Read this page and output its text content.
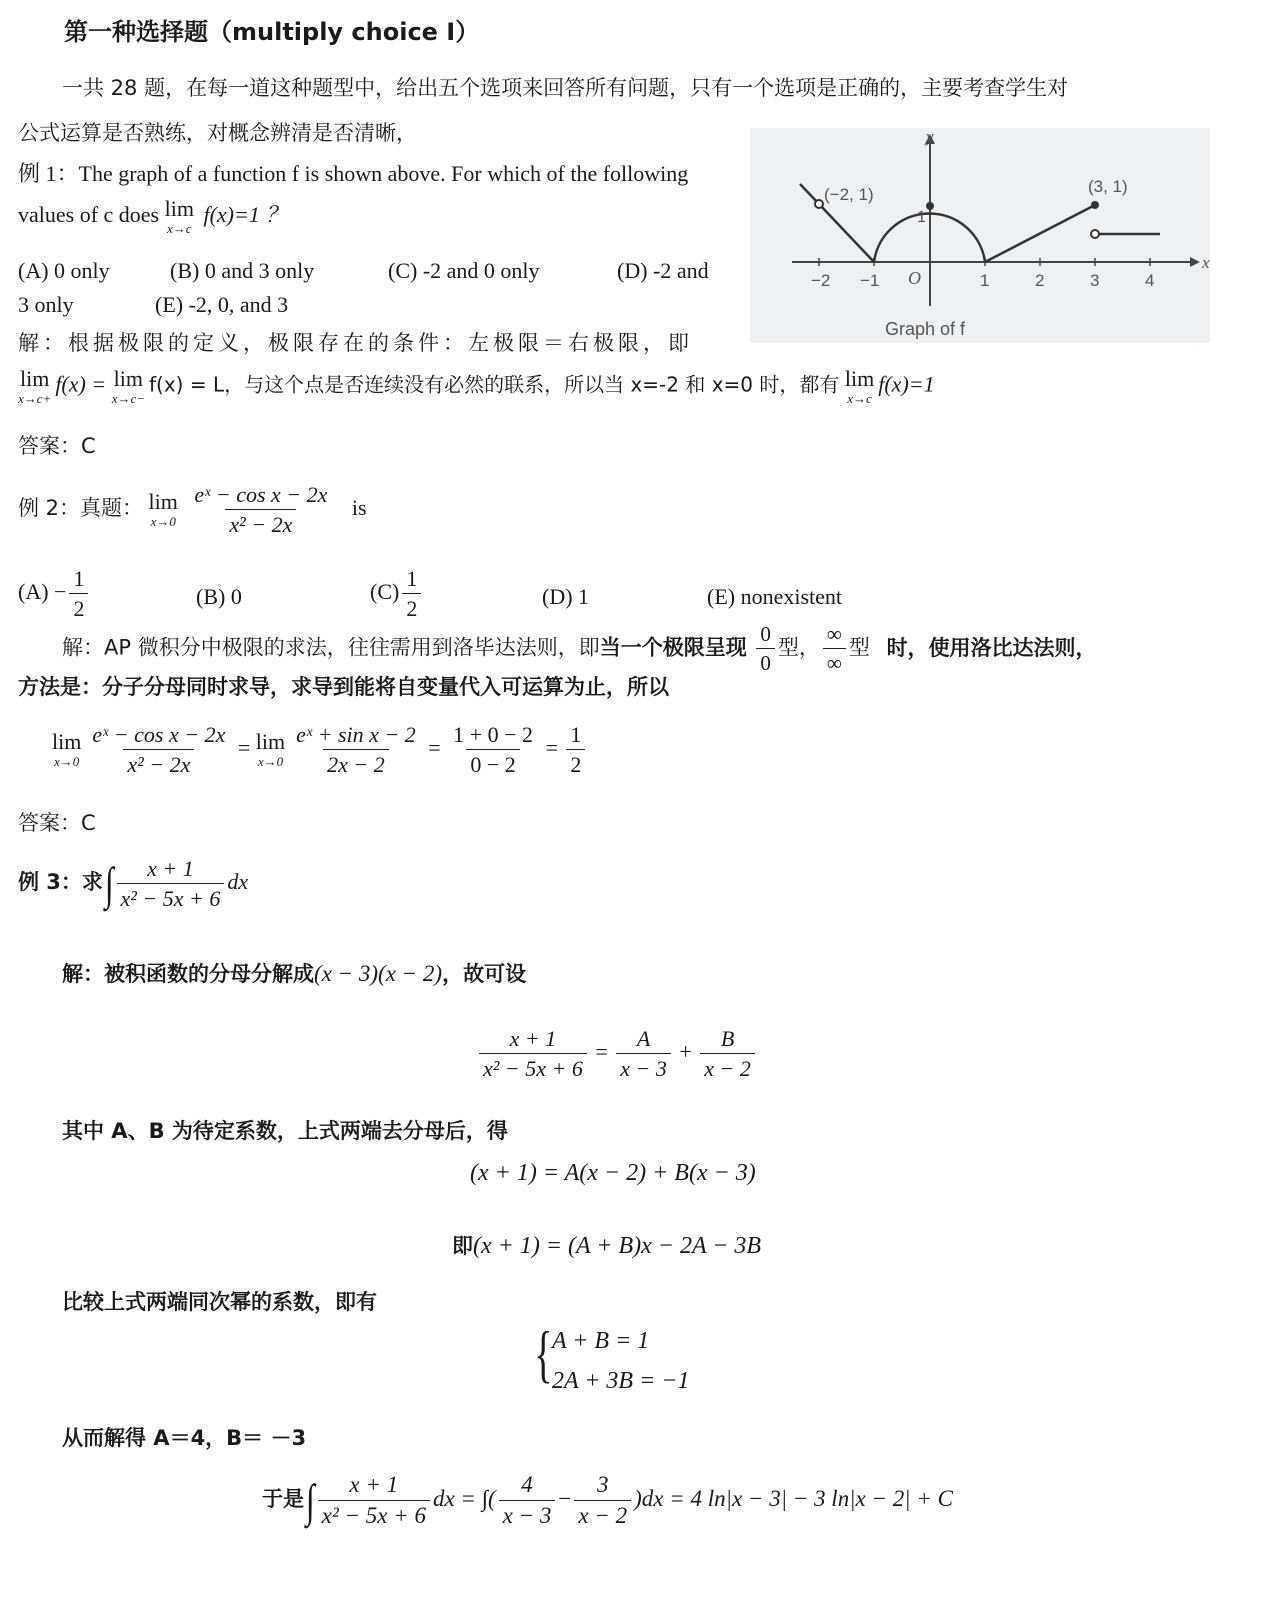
第一种选择题（multiply choice I）
一共 28 题，在每一道这种题型中，给出五个选项来回答所有问题，只有一个选项是正确的，主要考查学生对
公式运算是否熟练，对概念辨清是否清晰，
例 1：The graph of a function f is shown above. For which of the following
values of c does lim
x→c
f(x)=1 ？
(A) 0 only	(B) 0 and 3 only	(C) -2 and 0 only	(D) -2 and
3 only	(E) -2, 0, and 3
解：根据极限的定义，极限存在的条件：左极限＝右极限，即
lim
x→c+
f(x) = lim
x→c−
f(x) = L，与这个点是否连续没有必然的联系，所以当 x=-2 和 x=0 时，都有 lim
x→c
f(x)=1
答案：C
(−2, 1)	(3, 1)
x
y
O
1
−2 −1	1	2	3	4
Graph of f
例 2：真题： lim
x→0
$\frac{\text{eˣ − cos x − 2x}}{\text{x² − 2x}}$ is
$(A) - \frac{1}{2}$	(B) 0	$(C) \frac{1}{2}$	(D) 1	(E) nonexistent
解：AP 微积分中极限的求法，往往需用到洛毕达法则，即当一个极限呈现 $\frac{0}{0}$ 型， $\frac{\infty}{\infty}$ 型 时，使用洛比达法则，
方法是：分子分母同时求导，求导到能将自变量代入可运算为止，所以
lim
$x\to 0 \frac{\text{eˣ − cos x − 2x}}{\text{x² − 2x}} = \lim$
$x\to 0 \frac{\text{eˣ + sin x − 2}}{2x - 2} = \frac{1 + 0 - 2}{0 - 2} = \frac{1}{2}$
答案：C
例 3：求∫ $\frac{x + 1}{\text{x² − 5x + 6}}$ dx
解：被积函数的分母分解成(x − 3)(x − 2)，故可设
$\frac{x + 1}{\text{x² − 5x + 6}} = \frac{A}{x - 3} + \frac{B}{x - 2}$
其中 A、B 为待定系数，上式两端去分母后，得
(x + 1) = A(x − 2) + B(x − 3)
即(x + 1) = (A + B)x − 2A − 3B
比较上式两端同次幂的系数，即有
{ A + B = 1
2A + 3B = −1
从而解得 A＝4，B＝ －3
于是∫ $\frac{x + 1}{\text{x² − 5x + 6}}$ dx = ∫( $\frac{4}{x - 3} - \frac{3}{x - 2} )dx = 4$ ln|x − 3| − 3 ln|x − 2| + C
